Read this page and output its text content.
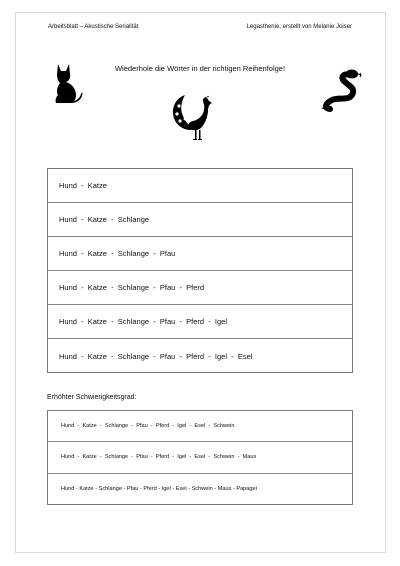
Arbeitsblatt – Akustische Serialität	Legasthenie, erstellt von Melanie Joiser
Wiederhole die Wörter in der richtigen Reihenfolge!
Hund  -  Katze
Hund  -  Katze  -  Schlange
Hund  -  Katze  -  Schlange  -  Pfau
Hund  -  Katze  -  Schlange  -  Pfau  -  Pferd
Hund  -  Katze  -  Schlange  -  Pfau  -  Pferd  -  Igel
Hund  -  Katze  -  Schlange  -  Pfau  -  Pferd  -  Igel  -  Esel
Erhöhter Schwierigkeitsgrad:
Hund  -  Katze  -  Schlange  -  Pfau  -  Pferd  -  Igel  -  Esel  -  Schwein
Hund  -  Katze  -  Schlange  -  Pfau  -  Pferd  -  Igel  -  Esel  -  Schwein  -  Maus
Hund - Katze - Schlange - Pfau - Pferd - Igel - Esel - Schwein - Maus - Papagei
